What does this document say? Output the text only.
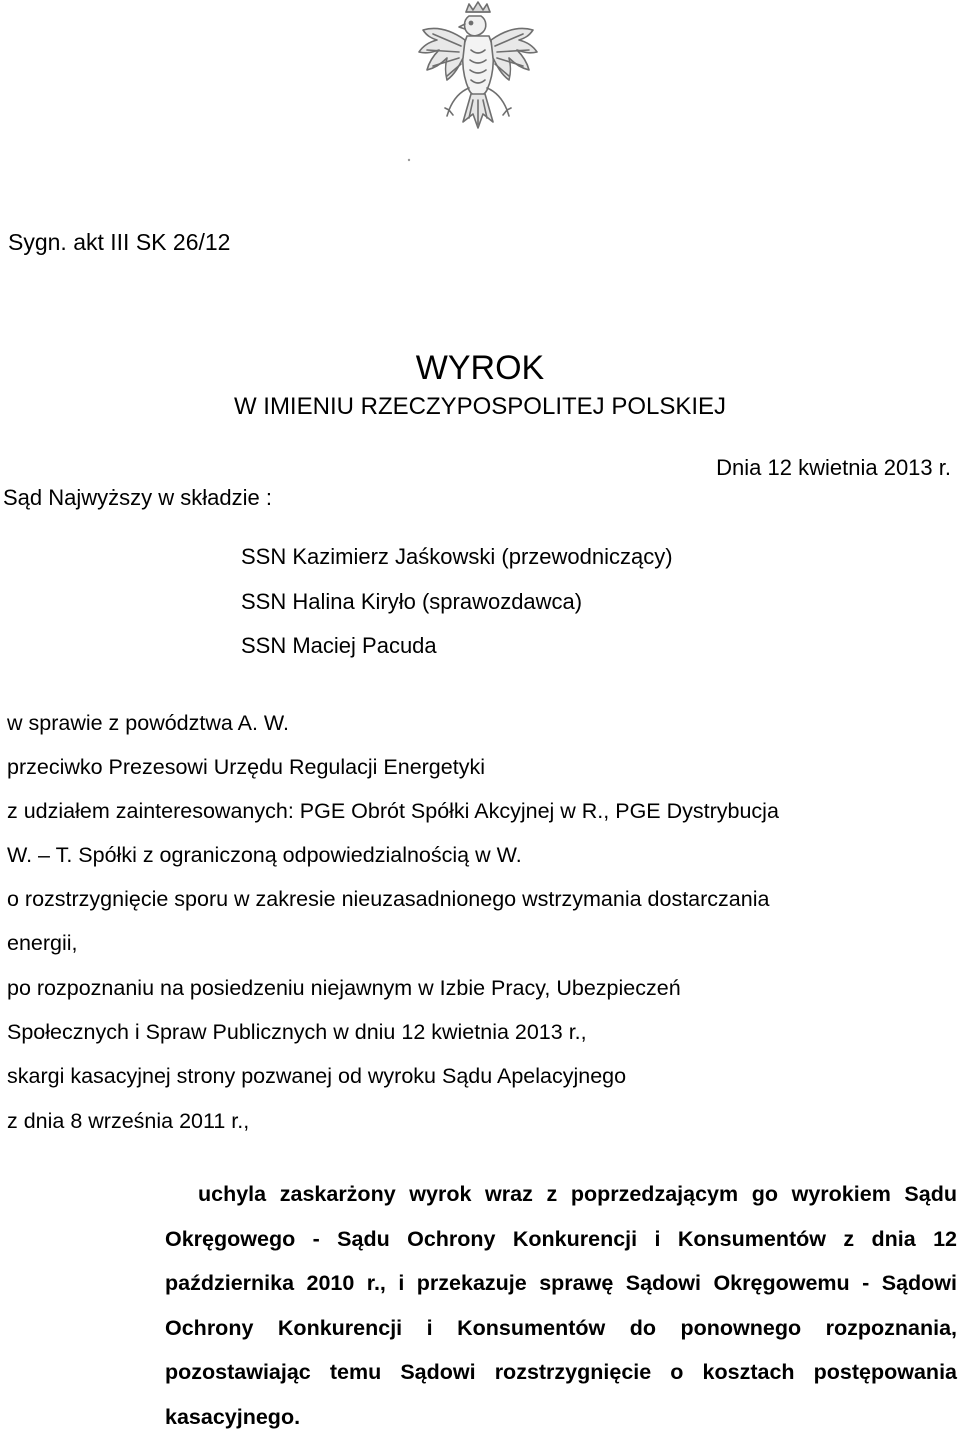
Sygn. akt III SK 26/12
WYROK
W IMIENIU RZECZYPOSPOLITEJ POLSKIEJ
Dnia 12 kwietnia 2013 r.
Sąd Najwyższy w składzie :
SSN Kazimierz Jaśkowski (przewodniczący)
SSN Halina Kiryło (sprawozdawca)
SSN Maciej Pacuda
w sprawie z powództwa A. W.
przeciwko Prezesowi Urzędu Regulacji Energetyki
z udziałem zainteresowanych: PGE Obrót Spółki Akcyjnej w R., PGE Dystrybucja
W. – T. Spółki z ograniczoną odpowiedzialnością w W.
o rozstrzygnięcie sporu w zakresie nieuzasadnionego wstrzymania dostarczania
energii,
po rozpoznaniu na posiedzeniu niejawnym w Izbie Pracy, Ubezpieczeń
Społecznych i Spraw Publicznych w dniu 12 kwietnia 2013 r.,
skargi kasacyjnej strony pozwanej od wyroku Sądu Apelacyjnego
z dnia 8 września 2011 r.,
uchyla zaskarżony wyrok wraz z poprzedzającym go wyrokiem Sądu Okręgowego - Sądu Ochrony Konkurencji i Konsumentów z dnia 12 października 2010 r., i przekazuje sprawę Sądowi Okręgowemu - Sądowi Ochrony Konkurencji i Konsumentów do ponownego rozpoznania, pozostawiając temu Sądowi rozstrzygnięcie o kosztach postępowania kasacyjnego.
